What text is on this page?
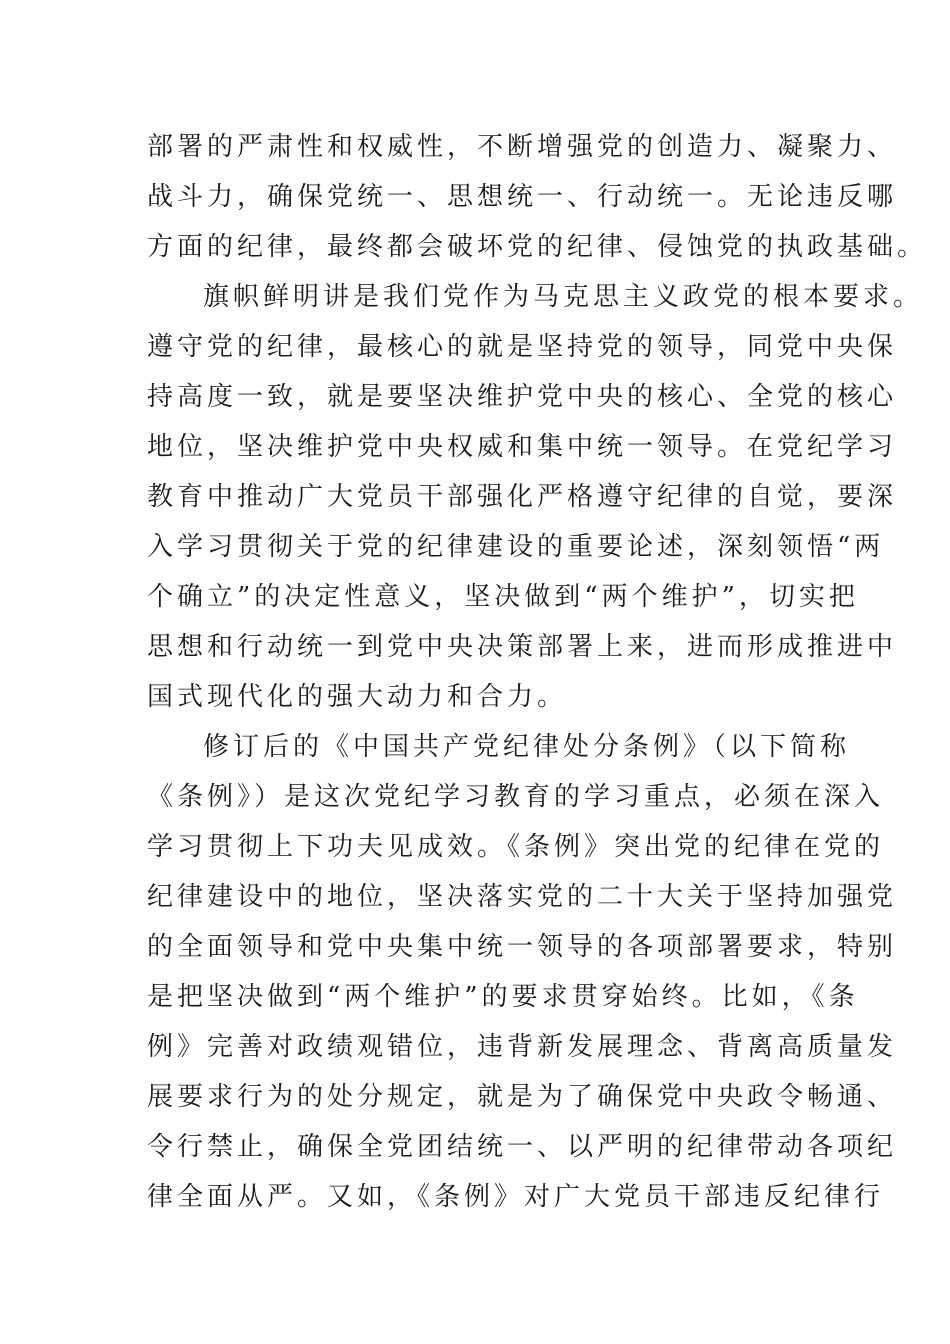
部署的严肃性和权威性，不断增强党的创造力、凝聚力、
战斗力，确保党统一、思想统一、行动统一。无论违反哪
方面的纪律，最终都会破坏党的纪律、侵蚀党的执政基础。
旗帜鲜明讲是我们党作为马克思主义政党的根本要求。
遵守党的纪律，最核心的就是坚持党的领导，同党中央保
持高度一致，就是要坚决维护党中央的核心、全党的核心
地位，坚决维护党中央权威和集中统一领导。在党纪学习
教育中推动广大党员干部强化严格遵守纪律的自觉，要深
入学习贯彻关于党的纪律建设的重要论述，深刻领悟“两
个确立”的决定性意义，坚决做到“两个维护”，切实把
思想和行动统一到党中央决策部署上来，进而形成推进中
国式现代化的强大动力和合力。
修订后的《中国共产党纪律处分条例》（以下简称
《条例》）是这次党纪学习教育的学习重点，必须在深入
学习贯彻上下功夫见成效。《条例》突出党的纪律在党的
纪律建设中的地位，坚决落实党的二十大关于坚持加强党
的全面领导和党中央集中统一领导的各项部署要求，特别
是把坚决做到“两个维护”的要求贯穿始终。比如，《条
例》完善对政绩观错位，违背新发展理念、背离高质量发
展要求行为的处分规定，就是为了确保党中央政令畅通、
令行禁止，确保全党团结统一、以严明的纪律带动各项纪
律全面从严。又如，《条例》对广大党员干部违反纪律行
